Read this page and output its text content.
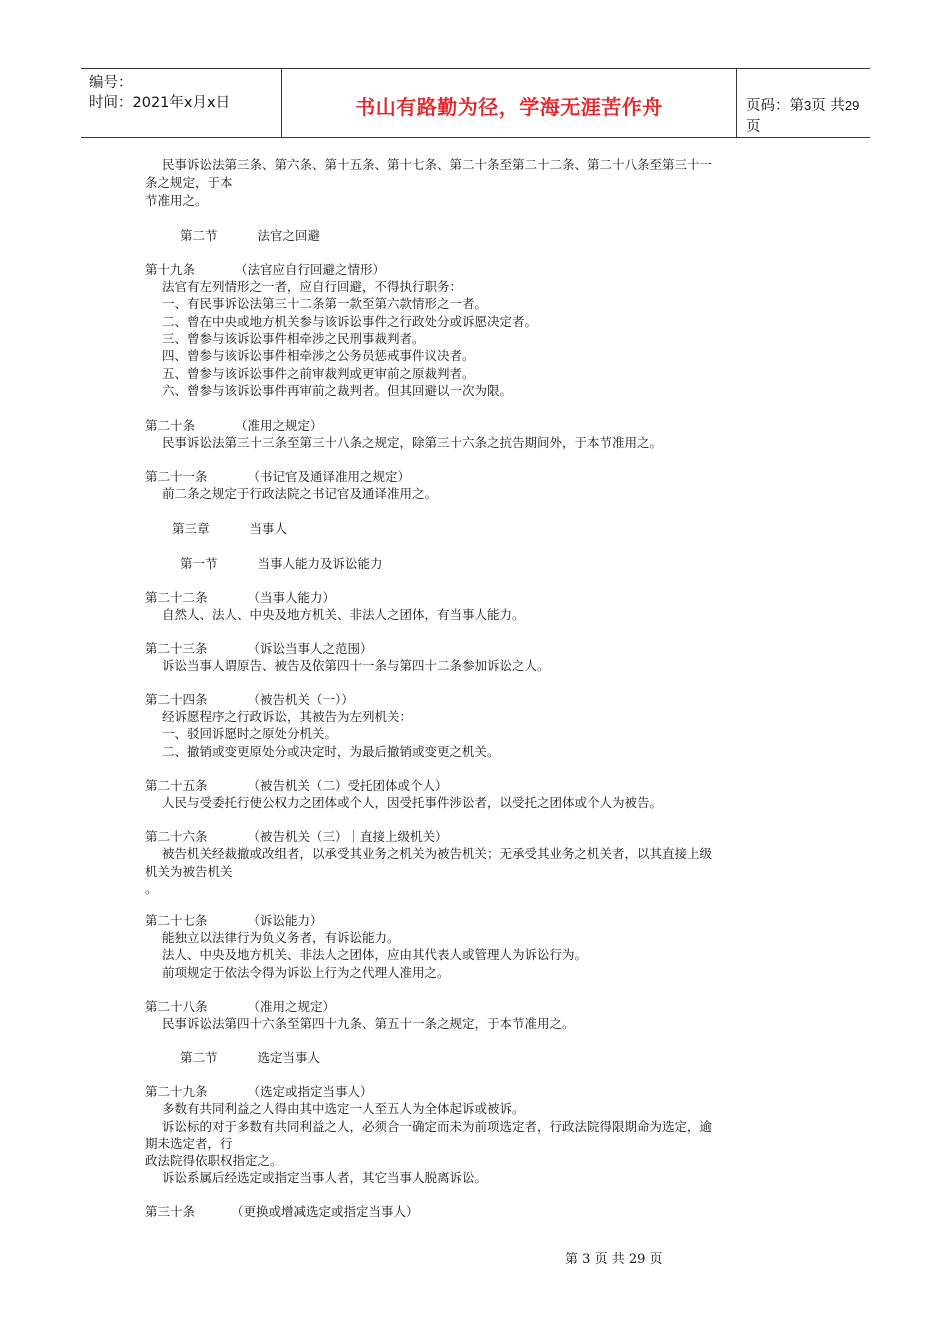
编号：

时间：2021年x月x日	书山有路勤为径，学海无涯苦作舟	页码：第3页 共29页

民事诉讼法第三条、第六条、第十五条、第十七条、第二十条至第二十二条、第二十八条至第三十一

条之规定，于本

节准用之。

第二节	法官之回避

第十九条	（法官应自行回避之情形）

法官有左列情形之一者，应自行回避，不得执行职务：

一、有民事诉讼法第三十二条第一款至第六款情形之一者。

二、曾在中央或地方机关参与该诉讼事件之行政处分或诉愿决定者。

三、曾参与该诉讼事件相牵涉之民刑事裁判者。

四、曾参与该诉讼事件相牵涉之公务员惩戒事件议决者。

五、曾参与该诉讼事件之前审裁判或更审前之原裁判者。

六、曾参与该诉讼事件再审前之裁判者。但其回避以一次为限。

第二十条	（准用之规定）

民事诉讼法第三十三条至第三十八条之规定，除第三十六条之抗告期间外，于本节准用之。

第二十一条	（书记官及通译准用之规定）

前二条之规定于行政法院之书记官及通译准用之。

第三章	当事人

第一节	当事人能力及诉讼能力

第二十二条	（当事人能力）

自然人、法人、中央及地方机关、非法人之团体，有当事人能力。

第二十三条	（诉讼当事人之范围）

诉讼当事人谓原告、被告及依第四十一条与第四十二条参加诉讼之人。

第二十四条	（被告机关（一））

经诉愿程序之行政诉讼，其被告为左列机关：

一、驳回诉愿时之原处分机关。

二、撤销或变更原处分或决定时，为最后撤销或变更之机关。

第二十五条	（被告机关（二）受托团体或个人）

人民与受委托行使公权力之团体或个人，因受托事件涉讼者，以受托之团体或个人为被告。

第二十六条	（被告机关（三）｜直接上级机关）

被告机关经裁撤或改组者，以承受其业务之机关为被告机关；无承受其业务之机关者，以其直接上级

机关为被告机关

。

第二十七条	（诉讼能力）

能独立以法律行为负义务者，有诉讼能力。

法人、中央及地方机关、非法人之团体，应由其代表人或管理人为诉讼行为。

前项规定于依法令得为诉讼上行为之代理人准用之。

第二十八条	（准用之规定）

民事诉讼法第四十六条至第四十九条、第五十一条之规定，于本节准用之。

第二节	选定当事人

第二十九条	（选定或指定当事人）

多数有共同利益之人得由其中选定一人至五人为全体起诉或被诉。

诉讼标的对于多数有共同利益之人，必须合一确定而未为前项选定者，行政法院得限期命为选定，逾

期未选定者，行

政法院得依职权指定之。

诉讼系属后经选定或指定当事人者，其它当事人脱离诉讼。

第三十条	（更换或增减选定或指定当事人）

第 3 页 共 29 页
